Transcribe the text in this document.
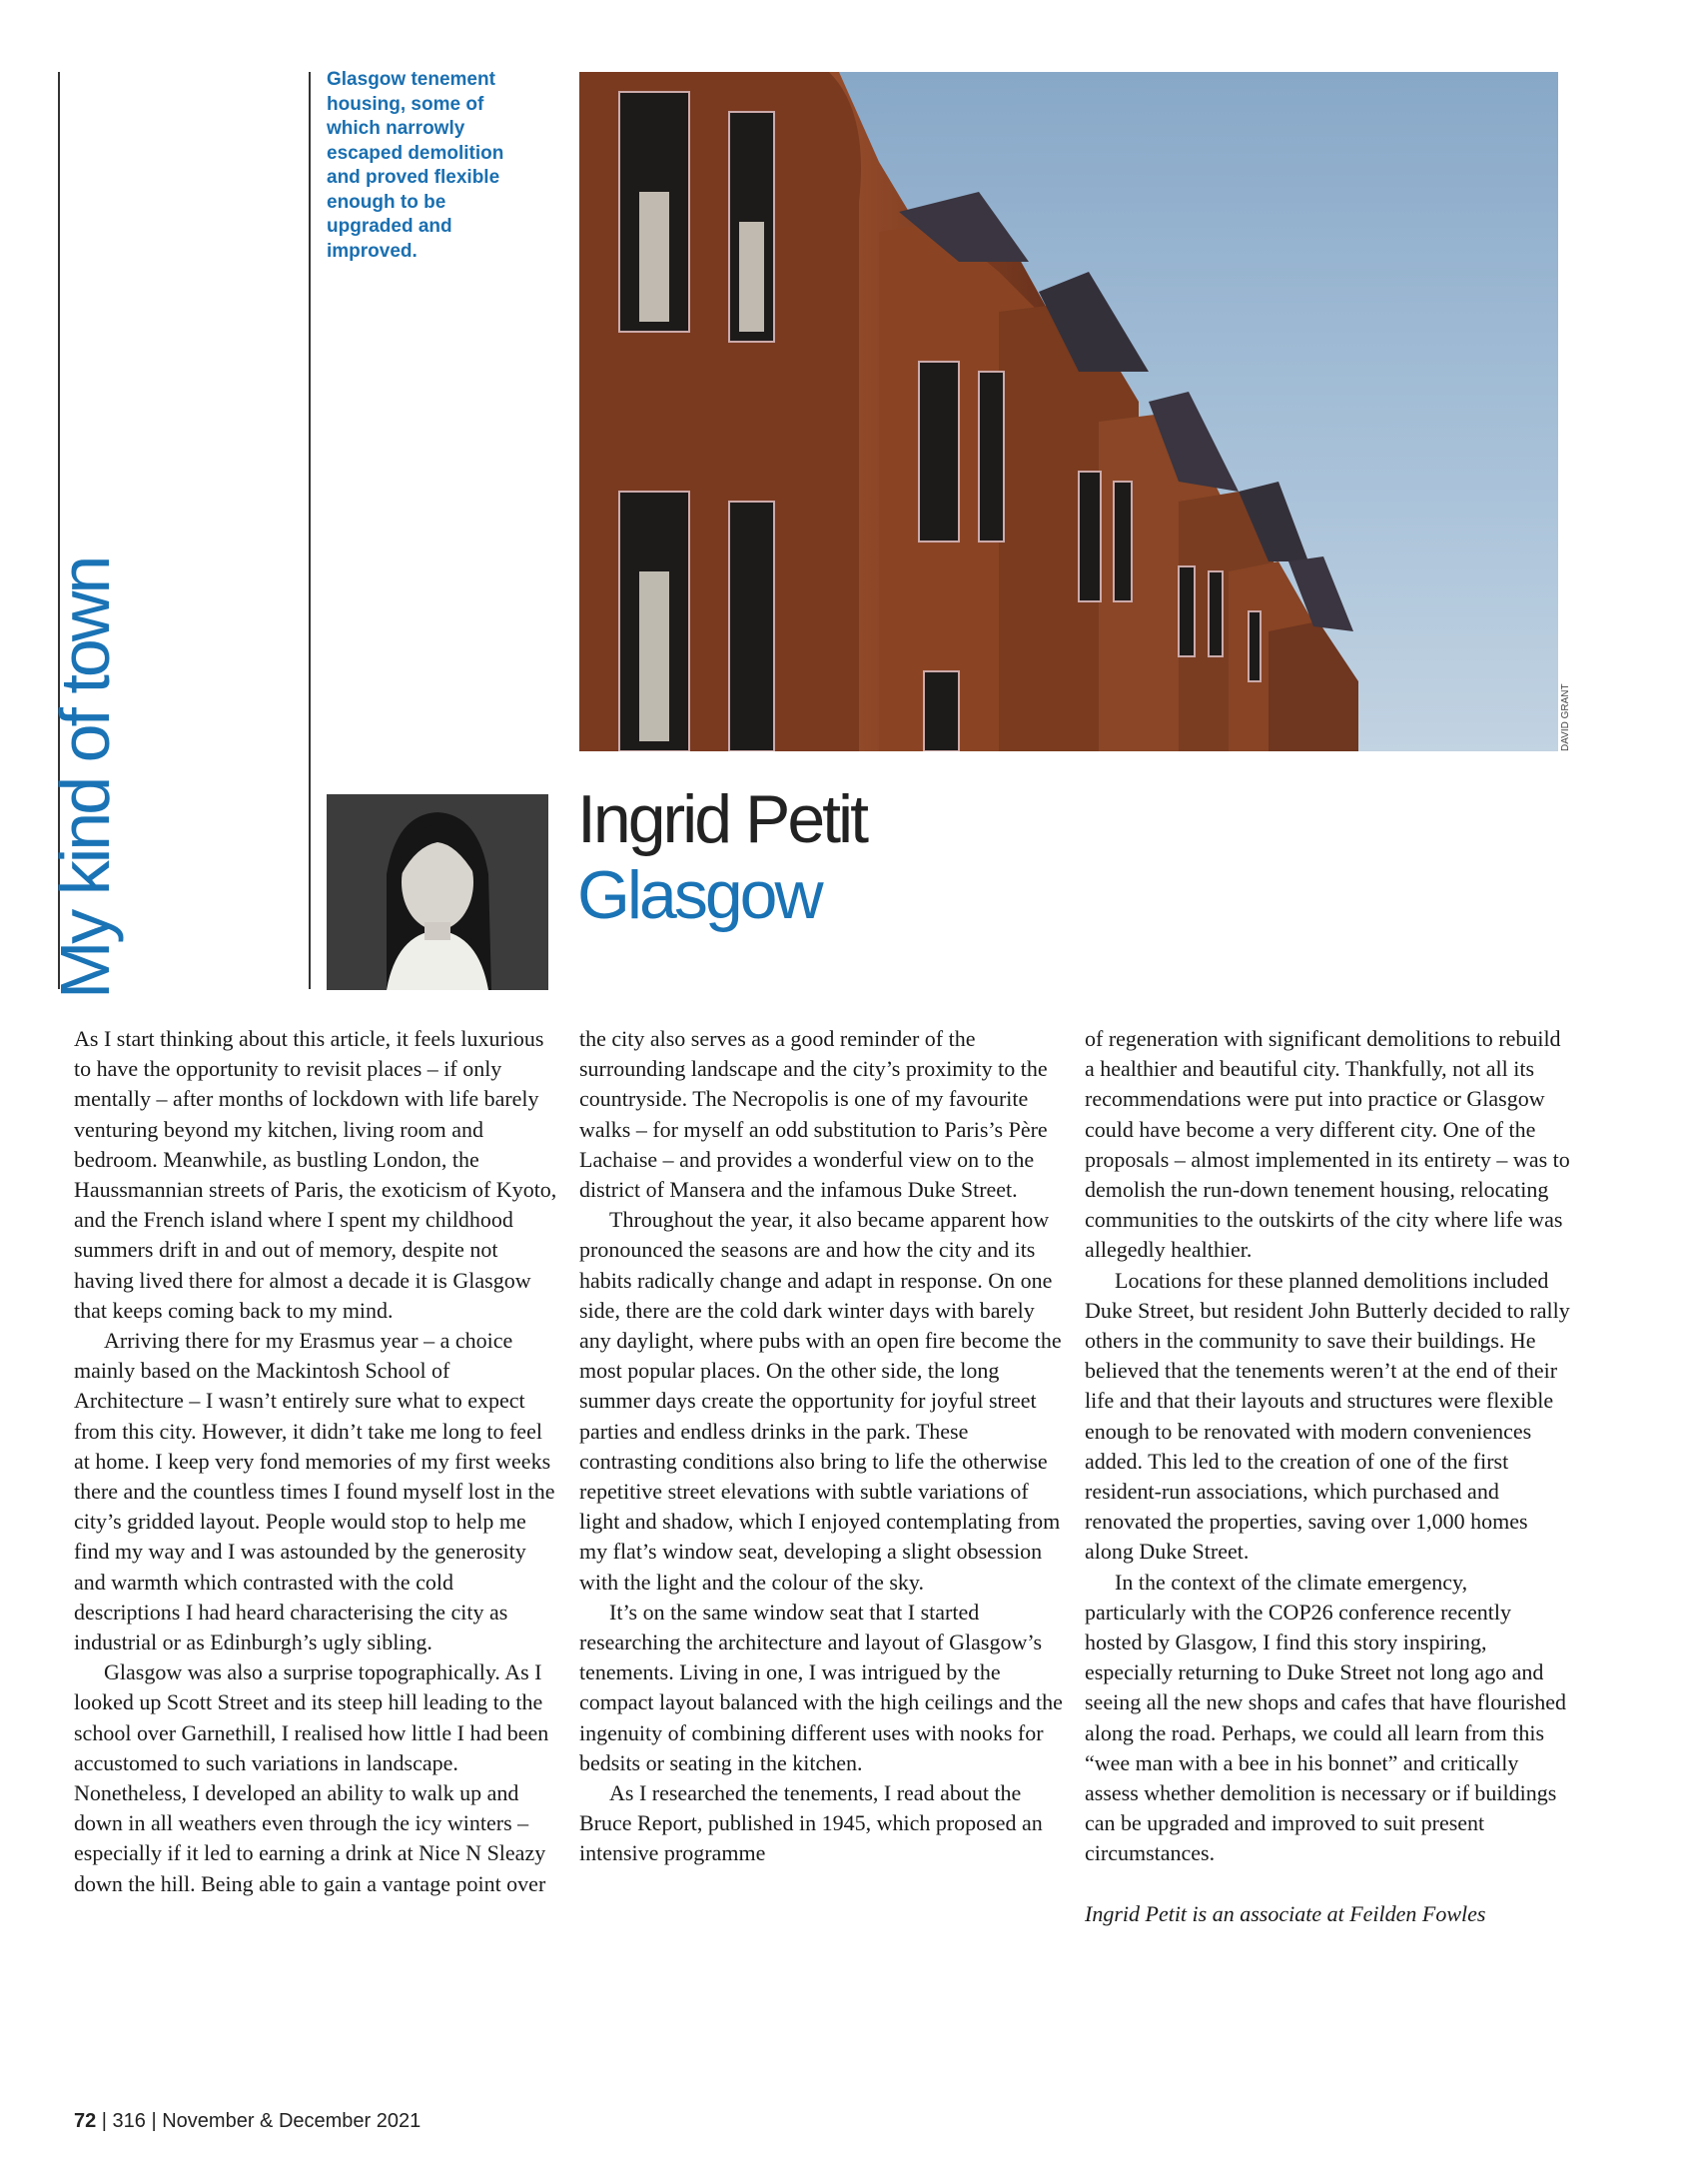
My kind of town
Glasgow tenement housing, some of which narrowly escaped demolition and proved flexible enough to be upgraded and improved.
DAVID GRANT
Ingrid Petit
Glasgow

As I start thinking about this article, it feels luxurious to have the opportunity to revisit places – if only mentally – after months of lockdown with life barely venturing beyond my kitchen, living room and bedroom. Meanwhile, as bustling London, the Haussmannian streets of Paris, the exoticism of Kyoto, and the French island where I spent my childhood summers drift in and out of memory, despite not having lived there for almost a decade it is Glasgow that keeps coming back to my mind.

Arriving there for my Erasmus year – a choice mainly based on the Mackintosh School of Architecture – I wasn’t entirely sure what to expect from this city. However, it didn’t take me long to feel at home. I keep very fond memories of my first weeks there and the countless times I found myself lost in the city’s gridded layout. People would stop to help me find my way and I was astounded by the generosity and warmth which contrasted with the cold descriptions I had heard characterising the city as industrial or as Edinburgh’s ugly sibling.

Glasgow was also a surprise topographically. As I looked up Scott Street and its steep hill leading to the school over Garnethill, I realised how little I had been accustomed to such variations in landscape. Nonetheless, I developed an ability to walk up and down in all weathers even through the icy winters – especially if it led to earning a drink at Nice N Sleazy down the hill. Being able to gain a vantage point over

the city also serves as a good reminder of the surrounding landscape and the city’s proximity to the countryside. The Necropolis is one of my favourite walks – for myself an odd substitution to Paris’s Père Lachaise – and provides a wonderful view on to the district of Mansera and the infamous Duke Street.

Throughout the year, it also became apparent how pronounced the seasons are and how the city and its habits radically change and adapt in response. On one side, there are the cold dark winter days with barely any daylight, where pubs with an open fire become the most popular places. On the other side, the long summer days create the opportunity for joyful street parties and endless drinks in the park. These contrasting conditions also bring to life the otherwise repetitive street elevations with subtle variations of light and shadow, which I enjoyed contemplating from my flat’s window seat, developing a slight obsession with the light and the colour of the sky.

It’s on the same window seat that I started researching the architecture and layout of Glasgow’s tenements. Living in one, I was intrigued by the compact layout balanced with the high ceilings and the ingenuity of combining different uses with nooks for bedsits or seating in the kitchen.

As I researched the tenements, I read about the Bruce Report, published in 1945, which proposed an intensive programme

of regeneration with significant demolitions to rebuild a healthier and beautiful city. Thankfully, not all its recommendations were put into practice or Glasgow could have become a very different city. One of the proposals – almost implemented in its entirety – was to demolish the run-down tenement housing, relocating communities to the outskirts of the city where life was allegedly healthier.

Locations for these planned demolitions included Duke Street, but resident John Butterly decided to rally others in the community to save their buildings. He believed that the tenements weren’t at the end of their life and that their layouts and structures were flexible enough to be renovated with modern conveniences added. This led to the creation of one of the first resident-run associations, which purchased and renovated the properties, saving over 1,000 homes along Duke Street.

In the context of the climate emergency, particularly with the COP26 conference recently hosted by Glasgow, I find this story inspiring, especially returning to Duke Street not long ago and seeing all the new shops and cafes that have flourished along the road. Perhaps, we could all learn from this “wee man with a bee in his bonnet” and critically assess whether demolition is necessary or if buildings can be upgraded and improved to suit present circumstances.

Ingrid Petit is an associate at Feilden Fowles

72 | 316 | November & December 2021
